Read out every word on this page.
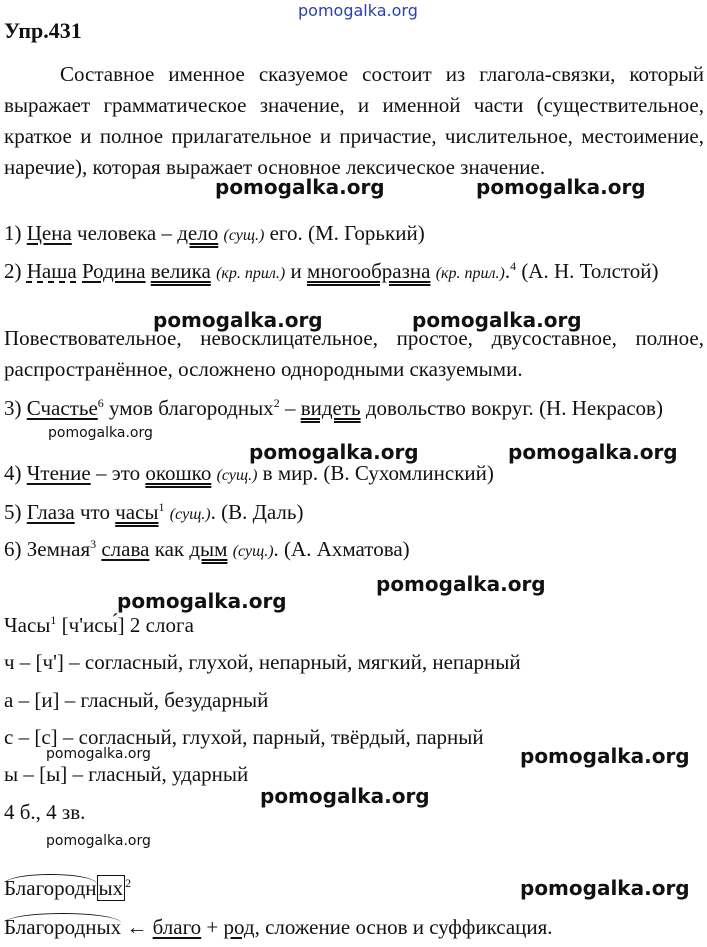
pomogalka.org
pomogalka.org	pomogalka.org
pomogalka.org	pomogalka.org
pomogalka.org
pomogalka.org	pomogalka.org
pomogalka.org
pomogalka.org
pomogalka.org	pomogalka.org
pomogalka.org
pomogalka.org
pomogalka.org
Упр.431
Составное именное сказуемое состоит из глагола-связки, который выражает грамматическое значение, и именной части (существительное, краткое и полное прилагательное и причастие, числительное, местоимение, наречие), которая выражает основное лексическое значение.
1) Цена человека – дело (сущ.) его. (М. Горький)
2) Наша Родина велика (кр. прил.) и многообразна (кр. прил.).$^4$ (А. Н. Толстой)
Повествовательное, невосклицательное, простое, двусоставное, полное, распространённое, осложнено однородными сказуемыми.
3) Счастье$^6$ умов благородных$^2$ – видеть довольство вокруг. (Н. Некрасов)
4) Чтение – это окошко (сущ.) в мир. (В. Сухомлинский)
5) Глаза что часы$^1$ (сущ.). (В. Даль)
6) Земная$^3$ слава как дым (сущ.). (А. Ахматова)
Часы$^1$ [ч'исы́] 2 слога
ч – [ч'] – согласный, глухой, непарный, мягкий, непарный
а – [и] – гласный, безударный
с – [с] – согласный, глухой, парный, твёрдый, парный
ы – [ы] – гласный, ударный
4 б., 4 зв.
Благородных $^2$
Благородных ← благо + род, сложение основ и суффиксация.
